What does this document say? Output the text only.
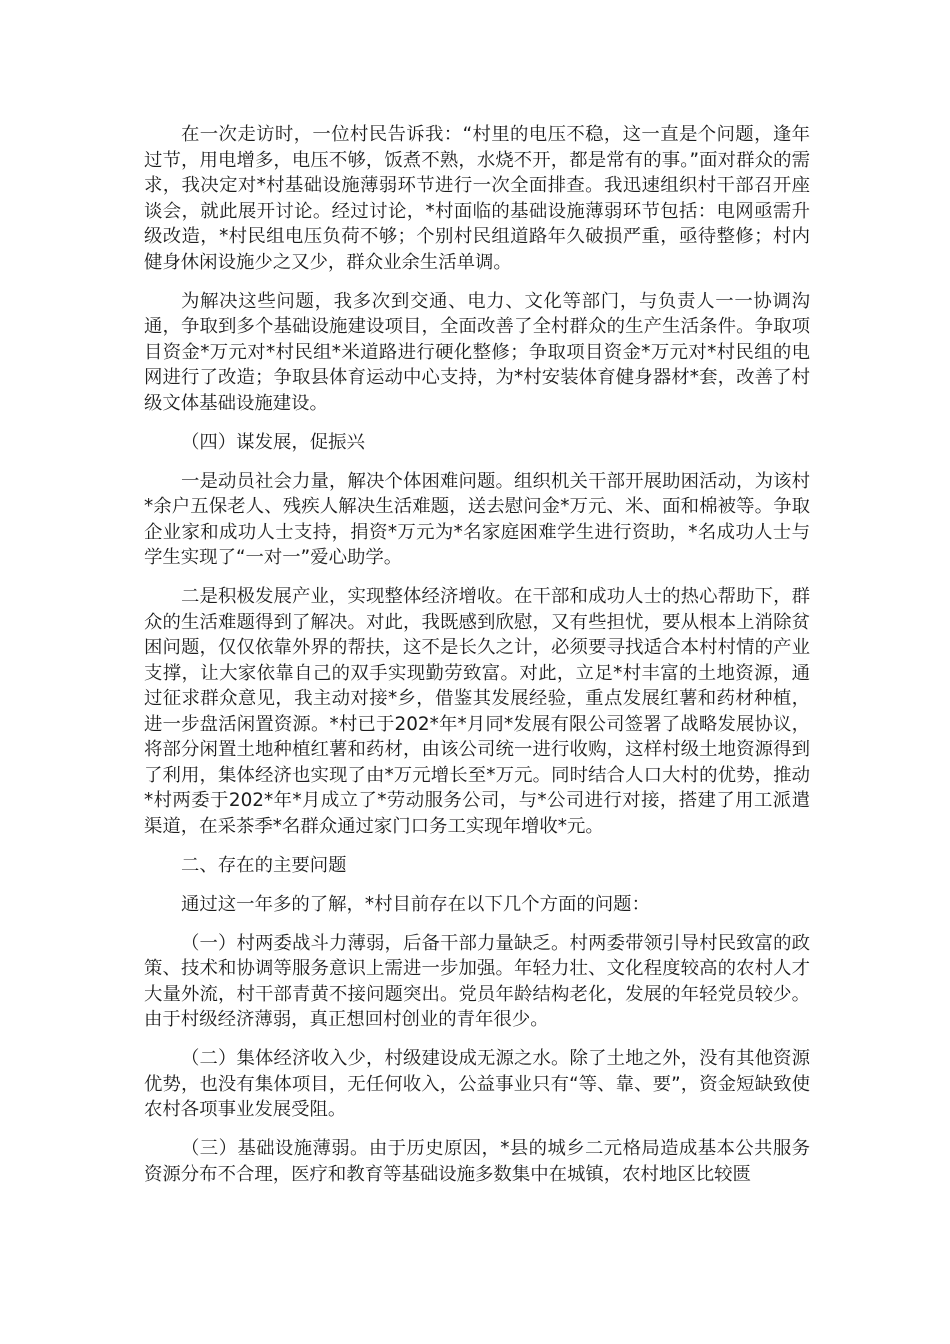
在一次走访时，一位村民告诉我：“村里的电压不稳，这一直是个问题，逢年过节，用电增多，电压不够，饭煮不熟，水烧不开，都是常有的事。”面对群众的需求，我决定对*村基础设施薄弱环节进行一次全面排查。我迅速组织村干部召开座谈会，就此展开讨论。经过讨论，*村面临的基础设施薄弱环节包括：电网亟需升级改造，*村民组电压负荷不够；个别村民组道路年久破损严重，亟待整修；村内健身休闲设施少之又少，群众业余生活单调。

为解决这些问题，我多次到交通、电力、文化等部门，与负责人一一协调沟通，争取到多个基础设施建设项目，全面改善了全村群众的生产生活条件。争取项目资金*万元对*村民组*米道路进行硬化整修；争取项目资金*万元对*村民组的电网进行了改造；争取县体育运动中心支持，为*村安装体育健身器材*套，改善了村级文体基础设施建设。

（四）谋发展，促振兴

一是动员社会力量，解决个体困难问题。组织机关干部开展助困活动，为该村*余户五保老人、残疾人解决生活难题，送去慰问金*万元、米、面和棉被等。争取企业家和成功人士支持，捐资*万元为*名家庭困难学生进行资助，*名成功人士与学生实现了“一对一”爱心助学。

二是积极发展产业，实现整体经济增收。在干部和成功人士的热心帮助下，群众的生活难题得到了解决。对此，我既感到欣慰，又有些担忧，要从根本上消除贫困问题，仅仅依靠外界的帮扶，这不是长久之计，必须要寻找适合本村村情的产业支撑，让大家依靠自己的双手实现勤劳致富。对此，立足*村丰富的土地资源，通过征求群众意见，我主动对接*乡，借鉴其发展经验，重点发展红薯和药材种植，进一步盘活闲置资源。*村已于202*年*月同*发展有限公司签署了战略发展协议，将部分闲置土地种植红薯和药材，由该公司统一进行收购，这样村级土地资源得到了利用，集体经济也实现了由*万元增长至*万元。同时结合人口大村的优势，推动*村两委于202*年*月成立了*劳动服务公司，与*公司进行对接，搭建了用工派遣渠道，在采茶季*名群众通过家门口务工实现年增收*元。

二、存在的主要问题

通过这一年多的了解，*村目前存在以下几个方面的问题：

（一）村两委战斗力薄弱，后备干部力量缺乏。村两委带领引导村民致富的政策、技术和协调等服务意识上需进一步加强。年轻力壮、文化程度较高的农村人才大量外流，村干部青黄不接问题突出。党员年龄结构老化，发展的年轻党员较少。由于村级经济薄弱，真正想回村创业的青年很少。

（二）集体经济收入少，村级建设成无源之水。除了土地之外，没有其他资源优势，也没有集体项目，无任何收入，公益事业只有“等、靠、要”，资金短缺致使农村各项事业发展受阻。

（三）基础设施薄弱。由于历史原因，*县的城乡二元格局造成基本公共服务资源分布不合理，医疗和教育等基础设施多数集中在城镇，农村地区比较匮
